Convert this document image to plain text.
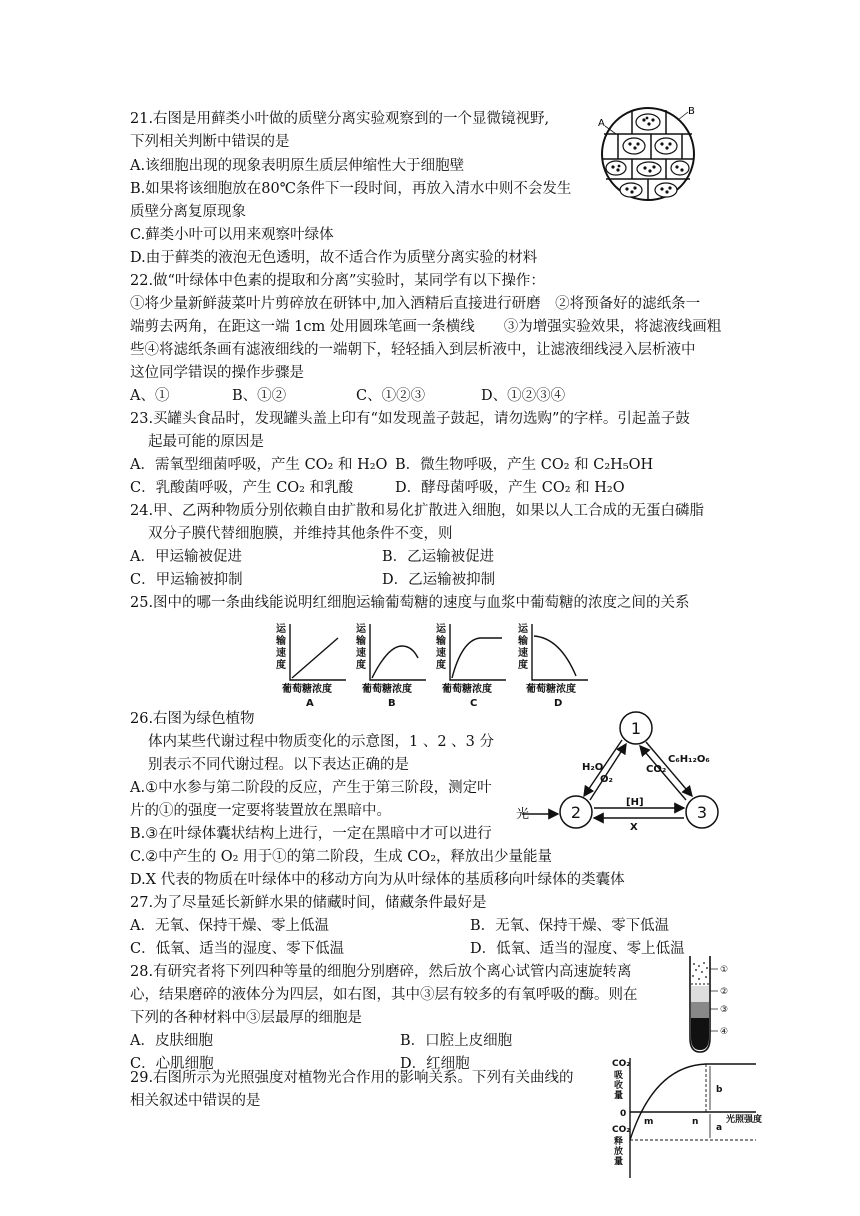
21.右图是用藓类小叶做的质壁分离实验观察到的一个显微镜视野,
下列相关判断中错误的是
A.该细胞出现的现象表明原生质层伸缩性大于细胞壁
B.如果将该细胞放在80℃条件下一段时间，再放入清水中则不会发生
质壁分离复原现象
C.藓类小叶可以用来观察叶绿体
D.由于藓类的液泡无色透明，故不适合作为质壁分离实验的材料
A
B
22.做“叶绿体中色素的提取和分离”实验时，某同学有以下操作：
①将少量新鲜菠菜叶片剪碎放在研钵中,加入酒精后直接进行研磨　②将预备好的滤纸条一
端剪去两角，在距这一端 1cm 处用圆珠笔画一条横线　　③为增强实验效果，将滤液线画粗
些④将滤纸条画有滤液细线的一端朝下，轻轻插入到层析液中，让滤液细线浸入层析液中
这位同学错误的操作步骤是
A、①	B、①②	C、①②③	D、①②③④
23.买罐头食品时，发现罐头盖上印有“如发现盖子鼓起，请勿选购”的字样。引起盖子鼓
起最可能的原因是
A．需氧型细菌呼吸，产生 CO₂ 和 H₂O B．微生物呼吸，产生 CO₂ 和 C₂H₅OH
C．乳酸菌呼吸，产生 CO₂ 和乳酸	D．酵母菌呼吸，产生 CO₂ 和 H₂O
24.甲、乙两种物质分别依赖自由扩散和易化扩散进入细胞，如果以人工合成的无蛋白磷脂
双分子膜代替细胞膜，并维持其他条件不变，则
A．甲运输被促进	B．乙运输被促进
C．甲运输被抑制	D．乙运输被抑制
25.图中的哪一条曲线能说明红细胞运输葡萄糖的速度与血浆中葡萄糖的浓度之间的关系
运
输
速
度
葡萄糖浓度
A
运
输
速
度
葡萄糖浓度
B
运
输
速
度
葡萄糖浓度
C
运
输
速
度
葡萄糖浓度
D
26.右图为绿色植物
体内某些代谢过程中物质变化的示意图，1 、2 、3 分
别表示不同代谢过程。以下表达正确的是
A.①中水参与第二阶段的反应，产生于第三阶段，测定叶
片的①的强度一定要将装置放在黑暗中。
B.③在叶绿体囊状结构上进行，一定在黑暗中才可以进行
C.②中产生的 O₂ 用于①的第二阶段，生成 CO₂，释放出少量能量
D.X 代表的物质在叶绿体中的移动方向为从叶绿体的基质移向叶绿体的类囊体
1
2	3
H₂O
O₂
CO₂
C₆H₁₂O₆
[H]
X
光
27.为了尽量延长新鲜水果的储藏时间，储藏条件最好是
A．无氧、保持干燥、零上低温	B．无氧、保持干燥、零下低温
C．低氧、适当的湿度、零下低温	D．低氧、适当的湿度、零上低温
28.有研究者将下列四种等量的细胞分别磨碎，然后放个离心试管内高速旋转离
心，结果磨碎的液体分为四层，如右图，其中③层有较多的有氧呼吸的酶。则在
下列的各种材料中③层最厚的细胞是
A．皮肤细胞	B．口腔上皮细胞
C．心肌细胞	D．红细胞
①
②
③
④
29.右图所示为光照强度对植物光合作用的影响关系。下列有关曲线的
相关叙述中错误的是
CO₂
吸
收
量
CO₂
释
放
量
0
m	n
b
a
光照强度
